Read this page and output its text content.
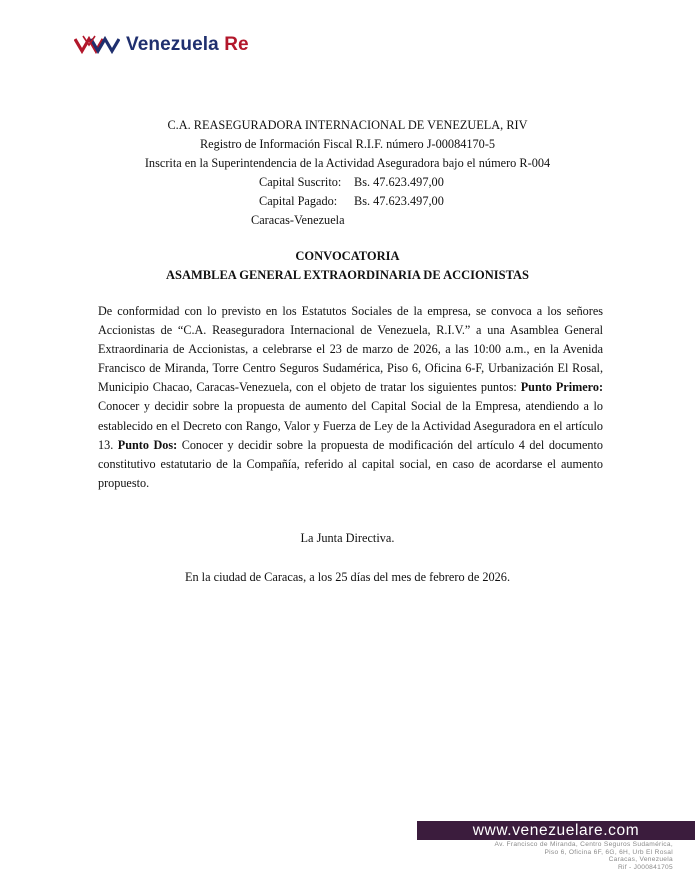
Venezuela Re
C.A. REASEGURADORA INTERNACIONAL DE VENEZUELA, RIV
Registro de Información Fiscal R.I.F. número J-00084170-5
Inscrita en la Superintendencia de la Actividad Aseguradora bajo el número R-004
Capital Suscrito: Bs. 47.623.497,00
Capital Pagado: Bs. 47.623.497,00
Caracas-Venezuela
CONVOCATORIA
ASAMBLEA GENERAL EXTRAORDINARIA DE ACCIONISTAS

De conformidad con lo previsto en los Estatutos Sociales de la empresa, se convoca a los señores Accionistas de “C.A. Reaseguradora Internacional de Venezuela, R.I.V.” a una Asamblea General Extraordinaria de Accionistas, a celebrarse el 23 de marzo de 2026, a las 10:00 a.m., en la Avenida Francisco de Miranda, Torre Centro Seguros Sudamérica, Piso 6, Oficina 6-F, Urbanización El Rosal, Municipio Chacao, Caracas-Venezuela, con el objeto de tratar los siguientes puntos: Punto Primero: Conocer y decidir sobre la propuesta de aumento del Capital Social de la Empresa, atendiendo a lo establecido en el Decreto con Rango, Valor y Fuerza de Ley de la Actividad Aseguradora en el artículo 13. Punto Dos: Conocer y decidir sobre la propuesta de modificación del artículo 4 del documento constitutivo estatutario de la Compañía, referido al capital social, en caso de acordarse el aumento propuesto.

La Junta Directiva.
En la ciudad de Caracas, a los 25 días del mes de febrero de 2026.
www.venezuelare.com
Av. Francisco de Miranda, Centro Seguros Sudamérica,
Piso 6, Oficina 6F, 6G, 6H, Urb El Rosal
Caracas, Venezuela
Rif - J000841705
